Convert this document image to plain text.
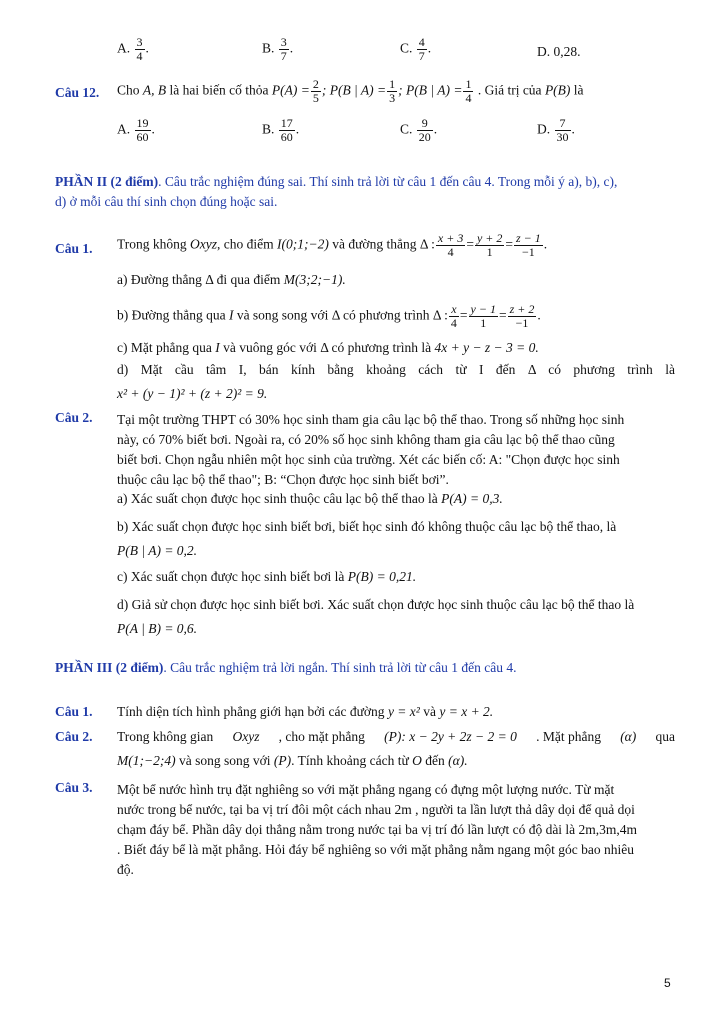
A. $\frac{3}{4}$ .	B. $\frac{3}{7}$ .	C. $\frac{4}{7}$ .	D. 0,28.
Câu 12. Cho A, B là hai biến cố thỏa $P(A) = \frac{2}{5}$ ; P(B | $A) = \frac{1}{3}$ ; P(B | $A) = \frac{1}{4}$ . Giá trị của P(B) là
A. $\frac{19}{60}$ .	B. $\frac{17}{60}$ .	C. $\frac{9}{20}$ .	D. $\frac{7}{30}$ .
PHẦN II (2 điểm). Câu trắc nghiệm đúng sai. Thí sinh trả lời từ câu 1 đến câu 4. Trong mỗi ý a), b), c),
d) ở mỗi câu thí sinh chọn đúng hoặc sai.
Câu 1. Trong không Oxyz, cho điểm I(0;1;−2) và đường thẳng Δ : $\frac{x + 3}{4} = \frac{y + 2}{1} = \frac{z - 1}{-1}$ .
a) Đường thẳng Δ đi qua điểm M(3;2;−1).
b) Đường thẳng qua I và song song với Δ có phương trình Δ : $\frac{x}{4} = \frac{y - 1}{1} = \frac{z + 2}{-1}$ .
c) Mặt phẳng qua I và vuông góc với Δ có phương trình là 4x + y − z − 3 = 0.
d) Mặt cầu tâm I, bán kính bằng khoảng cách từ I đến Δ có phương trình là
x² + (y − 1)² + (z + 2)² = 9.
Câu 2. Tại một trường THPT có 30% học sinh tham gia câu lạc bộ thể thao. Trong số những học sinh
này, có 70% biết bơi. Ngoài ra, có 20% số học sinh không tham gia câu lạc bộ thể thao cũng
biết bơi. Chọn ngẫu nhiên một học sinh của trường. Xét các biến cố: A: "Chọn được học sinh
thuộc câu lạc bộ thể thao"; B: “Chọn được học sinh biết bơi”.
a) Xác suất chọn được học sinh thuộc câu lạc bộ thể thao là P(A) = 0,3.
b) Xác suất chọn được học sinh biết bơi, biết học sinh đó không thuộc câu lạc bộ thể thao, là
P(B | A) = 0,2.
c) Xác suất chọn được học sinh biết bơi là P(B) = 0,21.
d) Giả sử chọn được học sinh biết bơi. Xác suất chọn được học sinh thuộc câu lạc bộ thể thao là
P(A | B) = 0,6.
PHẦN III (2 điểm). Câu trắc nghiệm trả lời ngắn. Thí sinh trả lời từ câu 1 đến câu 4.
Câu 1. Tính diện tích hình phẳng giới hạn bởi các đường y = x² và y = x + 2.
Câu 2. Trong không gian Oxyz , cho mặt phẳng (P): x − 2y + 2z − 2 = 0 . Mặt phẳng (α) qua
M(1;−2;4) và song song với (P). Tính khoảng cách từ O đến (α).
Câu 3. Một bể nước hình trụ đặt nghiêng so với mặt phẳng ngang có đựng một lượng nước. Từ mặt
nước trong bể nước, tại ba vị trí đôi một cách nhau 2m , người ta lần lượt thả dây dọi để quả dọi
chạm đáy bể. Phần dây dọi thẳng nằm trong nước tại ba vị trí đó lần lượt có độ dài là 2m,3m,4m
. Biết đáy bể là mặt phẳng. Hỏi đáy bể nghiêng so với mặt phẳng nằm ngang một góc bao nhiêu
độ.
5
